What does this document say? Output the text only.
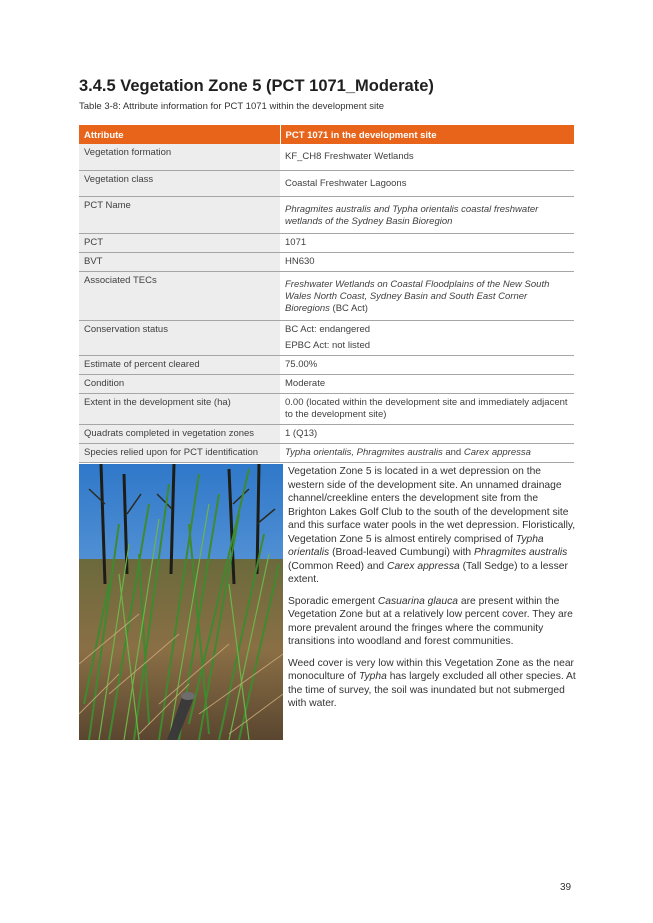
3.4.5 Vegetation Zone 5 (PCT 1071_Moderate)
Table 3-8: Attribute information for PCT 1071 within the development site
Attribute	PCT 1071 in the development site
Vegetation formation	KF_CH8 Freshwater Wetlands
Vegetation class	Coastal Freshwater Lagoons
PCT Name	Phragmites australis and Typha orientalis coastal freshwater wetlands of the Sydney Basin Bioregion
PCT	1071
BVT	HN630
Associated TECs	Freshwater Wetlands on Coastal Floodplains of the New South Wales North Coast, Sydney Basin and South East Corner Bioregions (BC Act)
Conservation status	BC Act: endangered
EPBC Act: not listed

Estimate of percent cleared	75.00%
Condition	Moderate
Extent in the development site (ha)	0.00 (located within the development site and immediately adjacent to the development site)
Quadrats completed in vegetation zones	1 (Q13)
Species relied upon for PCT identification	Typha orientalis, Phragmites australis and Carex appressa

Vegetation Zone 5 is located in a wet depression on the western side of the development site. An unnamed drainage channel/creekline enters the development site from the Brighton Lakes Golf Club to the south of the development site and this surface water pools in the wet depression. Floristically, Vegetation Zone 5 is almost entirely comprised of Typha orientalis (Broad-leaved Cumbungi) with Phragmites australis (Common Reed) and Carex appressa (Tall Sedge) to a lesser extent.

Sporadic emergent Casuarina glauca are present within the Vegetation Zone but at a relatively low percent cover. They are more prevalent around the fringes where the community transitions into woodland and forest communities.

Weed cover is very low within this Vegetation Zone as the near monoculture of Typha has largely excluded all other species. At the time of survey, the soil was inundated but not submerged with water.

39
